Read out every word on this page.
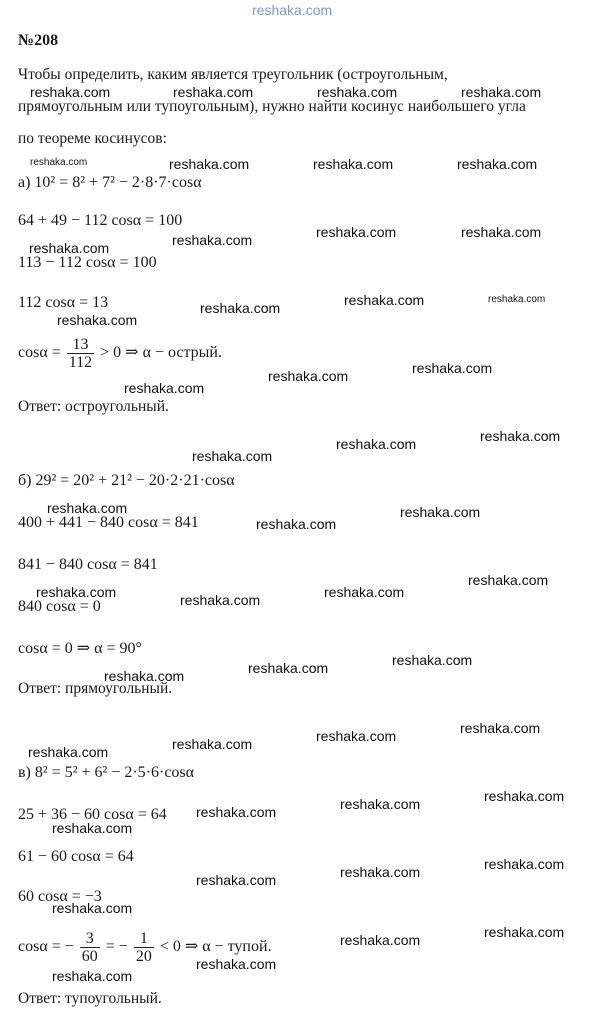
reshaka.com
№208
Чтобы определить, каким является треугольник (остроугольным,
прямоугольным или тупоугольным), нужно найти косинус наибольшего угла
по теореме косинусов:
а) 10² = 8² + 7² − 2·8·7·cosα
64 + 49 − 112 cosα = 100
113 − 112 cosα = 100
112 cosα = 13
$\cos\alpha = \frac{13}{112} > 0$ ⇒ α − острый.
Ответ: остроугольный.
б) 29² = 20² + 21² − 20·2·21·cosα
400 + 441 − 840 cosα = 841
841 − 840 cosα = 841
840 cosα = 0
cosα = 0 ⇒ α = 90°
Ответ: прямоугольный.
в) 8² = 5² + 6² − 2·5·6·cosα
25 + 36 − 60 cosα = 64
61 − 60 cosα = 64
60 cosα = −3
cosα = − $\frac{3}{60}$ = − $\frac{1}{20} < 0$ ⇒ α − тупой.
Ответ: тупоугольный.
reshaka.com	reshaka.com	reshaka.com	reshaka.com
reshaka.com	reshaka.com	reshaka.com	reshaka.com
reshaka.com	reshaka.com
reshaka.com
reshaka.com
reshaka.com	reshaka.com
reshaka.com
reshaka.com
reshaka.com
reshaka.com
reshaka.com
reshaka.com
reshaka.com
reshaka.com
reshaka.com	reshaka.com
reshaka.com
reshaka.com
reshaka.com	reshaka.com
reshaka.com
reshaka.com
reshaka.com
reshaka.com
reshaka.com
reshaka.com
reshaka.com
reshaka.com
reshaka.com
reshaka.com
reshaka.com
reshaka.com
reshaka.com
reshaka.com
reshaka.com
reshaka.com
reshaka.com
reshaka.com
reshaka.com
reshaka.com
